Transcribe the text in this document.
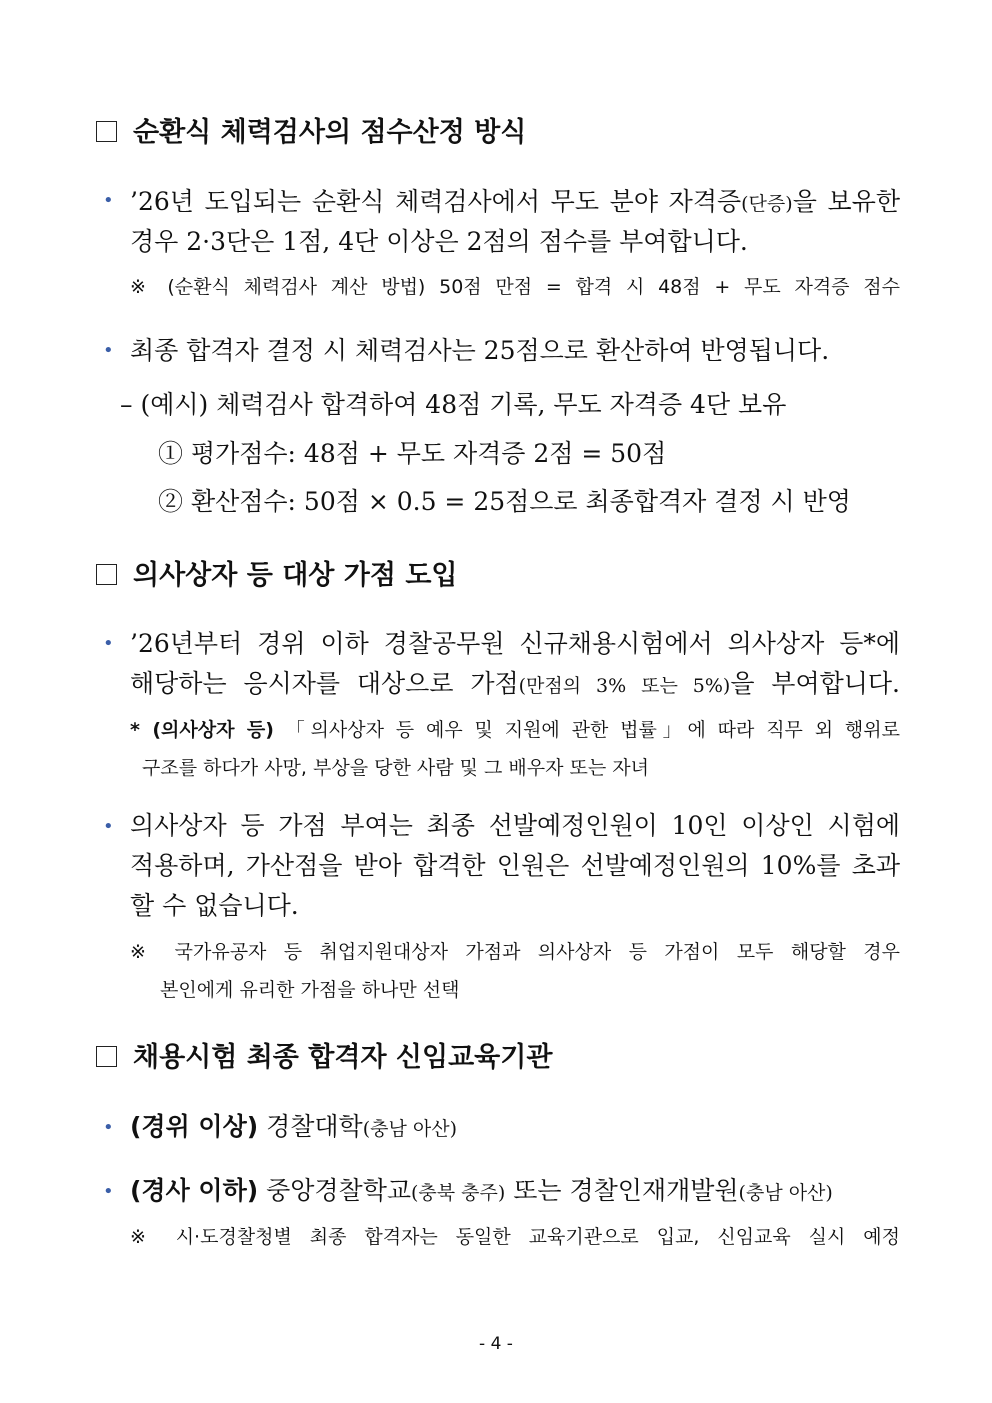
순환식 체력검사의 점수산정 방식
•
’26년 도입되는 순환식 체력검사에서 무도 분야 자격증(단증)을 보유한
경우 2·3단은 1점, 4단 이상은 2점의 점수를 부여합니다.
※ (순환식 체력검사 계산 방법) 50점 만점 = 합격 시 48점 + 무도 자격증 점수
•
최종 합격자 결정 시 체력검사는 25점으로 환산하여 반영됩니다.
– (예시) 체력검사 합격하여 48점 기록, 무도 자격증 4단 보유
① 평가점수: 48점 + 무도 자격증 2점 = 50점
② 환산점수: 50점 × 0.5 = 25점으로 최종합격자 결정 시 반영
의사상자 등 대상 가점 도입
•
’26년부터 경위 이하 경찰공무원 신규채용시험에서 의사상자 등*에
해당하는 응시자를 대상으로 가점(만점의 3% 또는 5%)을 부여합니다.
* (의사상자 등) 「의사상자 등 예우 및 지원에 관한 법률」에 따라 직무 외 행위로
구조를 하다가 사망, 부상을 당한 사람 및 그 배우자 또는 자녀
•
의사상자 등 가점 부여는 최종 선발예정인원이 10인 이상인 시험에
적용하며, 가산점을 받아 합격한 인원은 선발예정인원의 10%를 초과
할 수 없습니다.
※ 국가유공자 등 취업지원대상자 가점과 의사상자 등 가점이 모두 해당할 경우
본인에게 유리한 가점을 하나만 선택
채용시험 최종 합격자 신임교육기관
•
(경위 이상) 경찰대학(충남 아산)
•
(경사 이하) 중앙경찰학교(충북 충주) 또는 경찰인재개발원(충남 아산)
※ 시·도경찰청별 최종 합격자는 동일한 교육기관으로 입교, 신임교육 실시 예정
- 4 -
